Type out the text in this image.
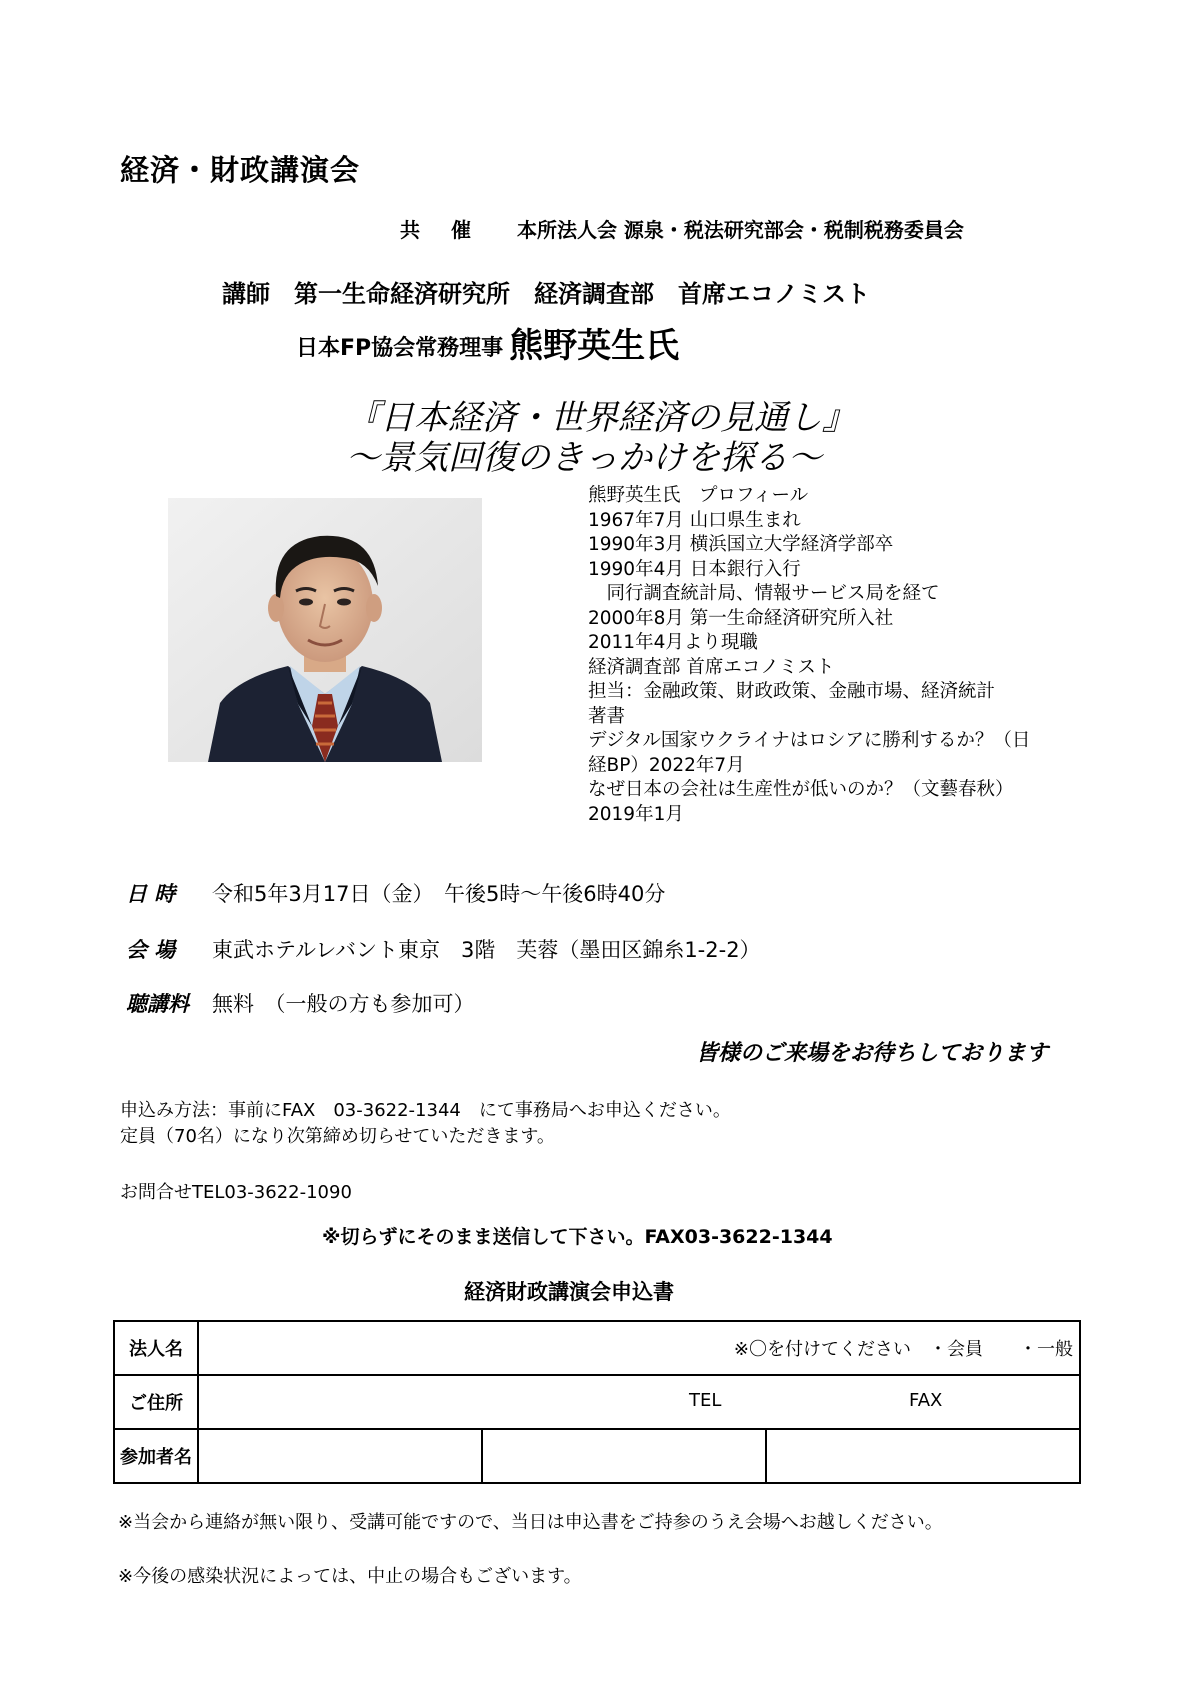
経済・財政講演会
共 催 本所法人会 源泉・税法研究部会・税制税務委員会
講師　第一生命経済研究所　経済調査部　首席エコノミスト
日本FP協会常務理事 熊野英生氏
『日本経済・世界経済の見通し』
～景気回復のきっかけを探る～
熊野英生氏　プロフィール
1967年7月 山口県生まれ
1990年3月 横浜国立大学経済学部卒
1990年4月 日本銀行入行
　同行調査統計局、情報サービス局を経て
2000年8月 第一生命経済研究所入社
2011年4月より現職
経済調査部 首席エコノミスト
担当：金融政策、財政政策、金融市場、経済統計
著書
デジタル国家ウクライナはロシアに勝利するか？（日
経BP）2022年7月
なぜ日本の会社は生産性が低いのか？（文藝春秋）
2019年1月
日 時 令和5年3月17日（金）　午後5時～午後6時40分
会 場 東武ホテルレバント東京　3階　芙蓉（墨田区錦糸1-2-2）
聴講料 無料　（一般の方も参加可）
皆様のご来場をお待ちしております
申込み方法：事前にFAX　03-3622-1344　にて事務局へお申込ください。
定員（70名）になり次第締め切らせていただきます。
お問合せTEL03-3622-1090
※切らずにそのまま送信して下さい。FAX03-3622-1344
経済財政講演会申込書
法人名	※〇を付けてください　・会員　　・一般		

ご住所	TEL FAX		

参加者名			
※当会から連絡が無い限り、受講可能ですので、当日は申込書をご持参のうえ会場へお越しください。
※今後の感染状況によっては、中止の場合もございます。
